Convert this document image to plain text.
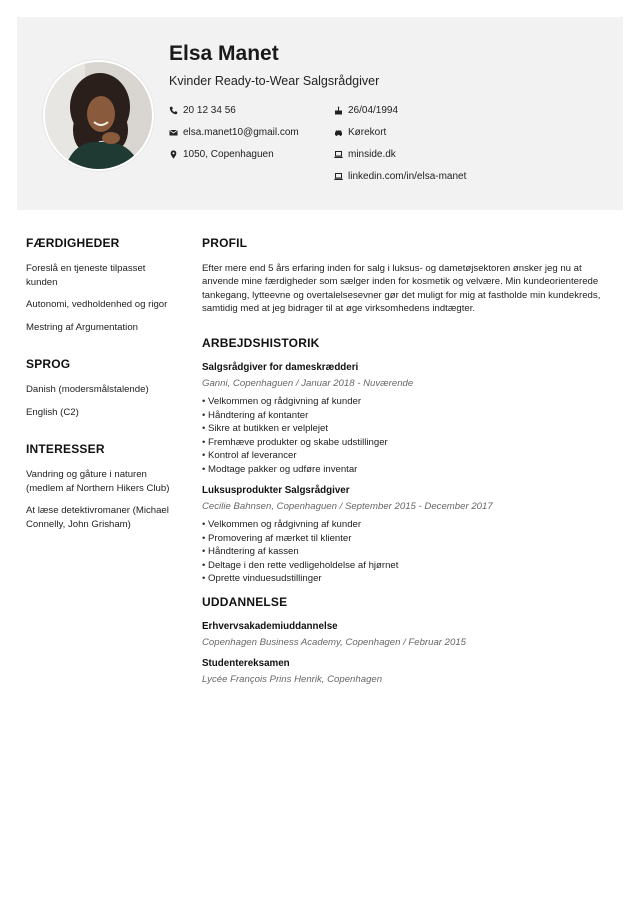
Elsa Manet
Kvinder Ready-to-Wear Salgsrådgiver
20 12 34 56
elsa.manet10@gmail.com
1050, Copenhaguen
26/04/1994
Kørekort
minside.dk
linkedin.com/in/elsa-manet
FÆRDIGHEDER
Foreslå en tjeneste tilpasset kunden
Autonomi, vedholdenhed og rigor
Mestring af Argumentation
SPROG
Danish (modersmålstalende)
English (C2)
INTERESSER
Vandring og gåture i naturen (medlem af Northern Hikers Club)
At læse detektivromaner (Michael Connelly, John Grisham)
PROFIL
Efter mere end 5 års erfaring inden for salg i luksus- og dametøjsektoren ønsker jeg nu at anvende mine færdigheder som sælger inden for kosmetik og velvære. Min kundeorienterede tankegang, lytteevne og overtalelsesevner gør det muligt for mig at fastholde min kundekreds, samtidig med at jeg bidrager til at øge virksomhedens indtægter.
ARBEJDSHISTORIK
Salgsrådgiver for dameskrædderi
Ganni, Copenhaguen / Januar 2018 - Nuværende
• Velkommen og rådgivning af kunder
• Håndtering af kontanter
• Sikre at butikken er velplejet
• Fremhæve produkter og skabe udstillinger
• Kontrol af leverancer
• Modtage pakker og udføre inventar
Luksusprodukter Salgsrådgiver
Cecilie Bahnsen, Copenhaguen / September 2015 - December 2017
• Velkommen og rådgivning af kunder
• Promovering af mærket til klienter
• Håndtering af kassen
• Deltage i den rette vedligeholdelse af hjørnet
• Oprette vinduesudstillinger
UDDANNELSE
Erhvervsakademiuddannelse
Copenhagen Business Academy, Copenhagen / Februar 2015
Studentereksamen
Lycée François Prins Henrik, Copenhagen
